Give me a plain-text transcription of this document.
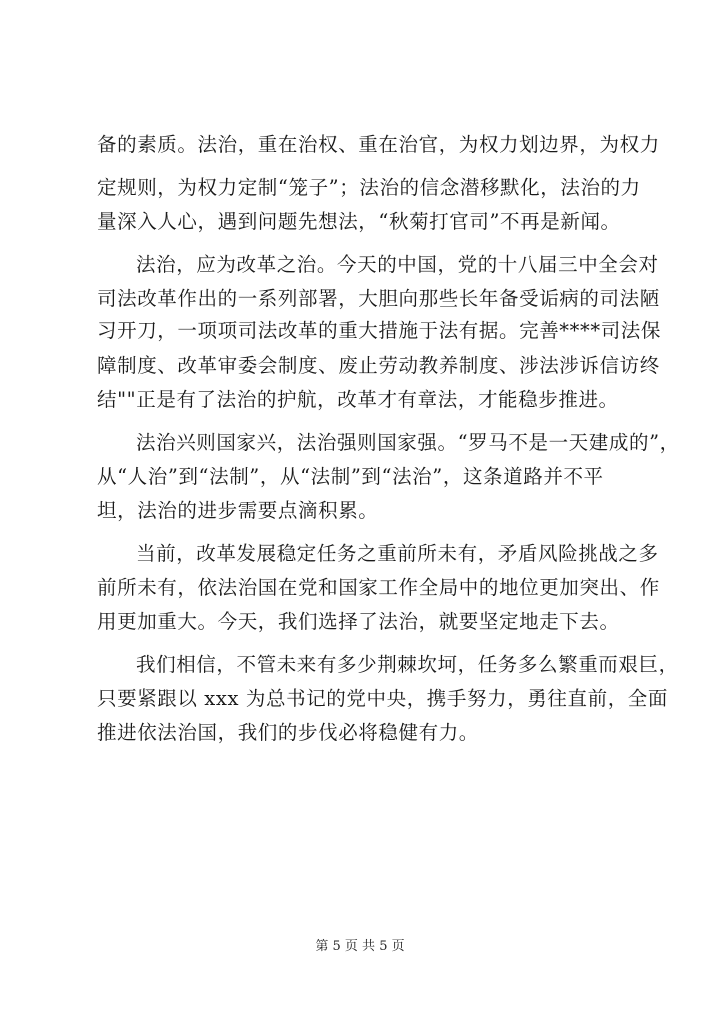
备的素质。法治，重在治权、重在治官，为权力划边界，为权力
定规则，为权力定制“笼子”；法治的信念潜移默化，法治的力
量深入人心，遇到问题先想法，“秋菊打官司”不再是新闻。
法治，应为改革之治。今天的中国，党的十八届三中全会对
司法改革作出的一系列部署，大胆向那些长年备受诟病的司法陋
习开刀，一项项司法改革的重大措施于法有据。完善****司法保
障制度、改革审委会制度、废止劳动教养制度、涉法涉诉信访终
结""正是有了法治的护航，改革才有章法，才能稳步推进。
法治兴则国家兴，法治强则国家强。“罗马不是一天建成的”，
从“人治”到“法制”，从“法制”到“法治”，这条道路并不平
坦，法治的进步需要点滴积累。
当前，改革发展稳定任务之重前所未有，矛盾风险挑战之多
前所未有，依法治国在党和国家工作全局中的地位更加突出、作
用更加重大。今天，我们选择了法治，就要坚定地走下去。
我们相信，不管未来有多少荆棘坎坷，任务多么繁重而艰巨，
只要紧跟以 xxx 为总书记的党中央，携手努力，勇往直前，全面
推进依法治国，我们的步伐必将稳健有力。
第 5 页 共 5 页
